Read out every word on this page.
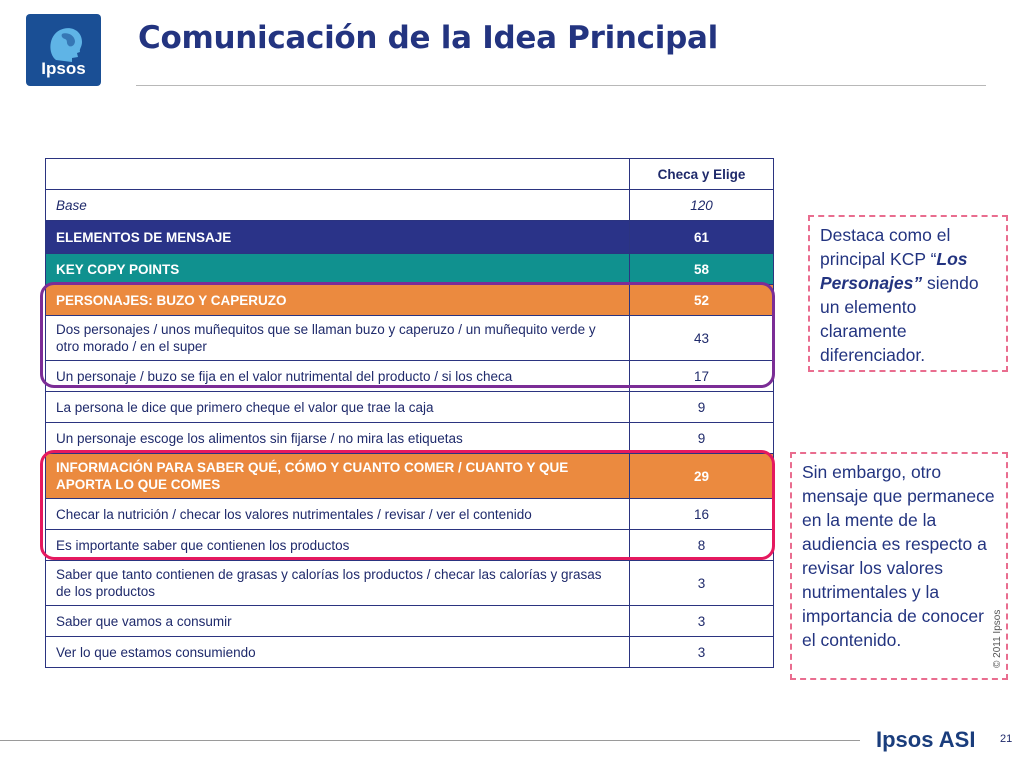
Ipsos
Comunicación de la Idea Principal
	Checa y Elige
Base	120
ELEMENTOS DE MENSAJE	61
KEY COPY POINTS	58
PERSONAJES: BUZO Y CAPERUZO	52
Dos personajes / unos muñequitos que se llaman buzo y caperuzo / un muñequito verde y otro morado / en el super	43
Un personaje / buzo se fija en el valor nutrimental del producto / si los checa	17
La persona le dice que primero cheque el valor que trae la caja	9
Un personaje escoge los alimentos sin fijarse / no mira las etiquetas	9
INFORMACIÓN PARA SABER QUÉ, CÓMO Y CUANTO COMER / CUANTO Y QUE APORTA LO QUE COMES	29
Checar la nutrición / checar los valores nutrimentales / revisar / ver el contenido	16
Es importante saber que contienen los productos	8
Saber que tanto contienen de grasas y calorías los productos / checar las calorías y grasas de los productos	3
Saber que vamos a consumir	3
Ver lo que estamos consumiendo	3
Destaca como el principal KCP “Los Personajes” siendo un elemento claramente diferenciador.
Sin embargo, otro mensaje que permanece en la mente de la audiencia es respecto a revisar los valores nutrimentales y la importancia de conocer el contenido.	© 2011 Ipsos
Ipsos ASI 21
